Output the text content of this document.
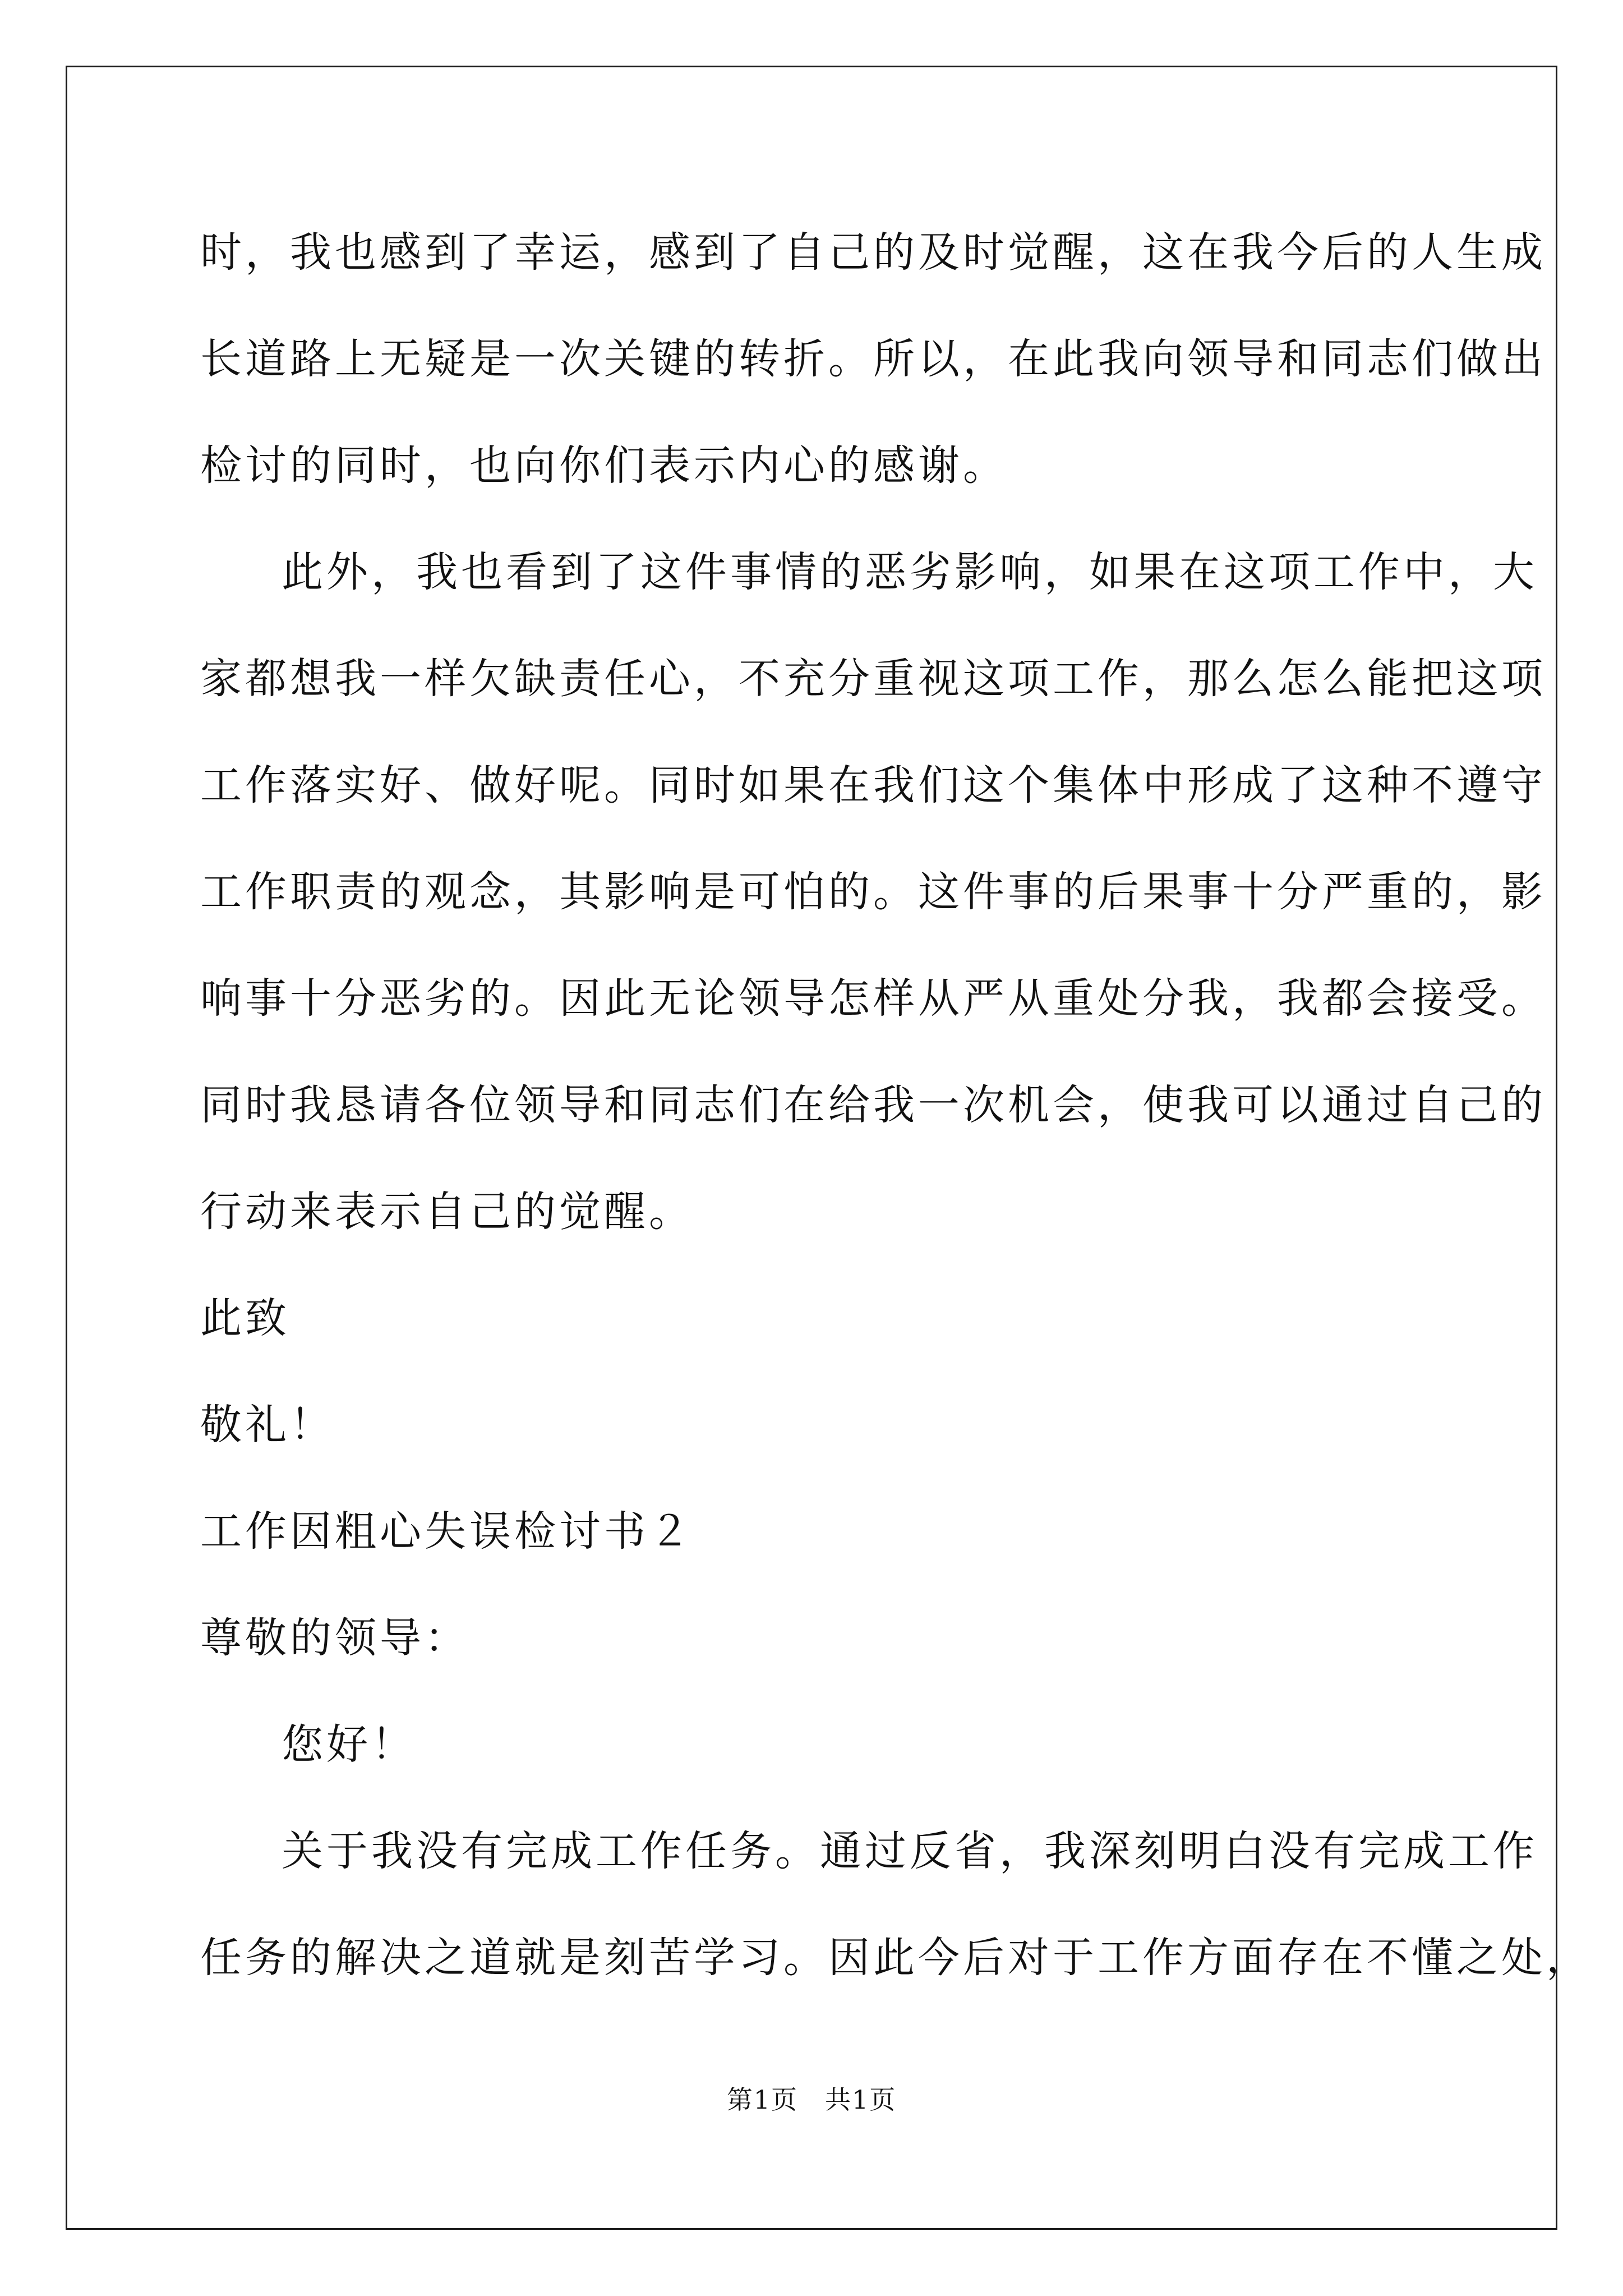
时，我也感到了幸运，感到了自己的及时觉醒，这在我今后的人生成
长道路上无疑是一次关键的转折。所以，在此我向领导和同志们做出
检讨的同时，也向你们表示内心的感谢。
此外，我也看到了这件事情的恶劣影响，如果在这项工作中，大
家都想我一样欠缺责任心，不充分重视这项工作，那么怎么能把这项
工作落实好、做好呢。同时如果在我们这个集体中形成了这种不遵守
工作职责的观念，其影响是可怕的。这件事的后果事十分严重的，影
响事十分恶劣的。因此无论领导怎样从严从重处分我，我都会接受。
同时我恳请各位领导和同志们在给我一次机会，使我可以通过自己的
行动来表示自己的觉醒。
此致
敬礼！
工作因粗心失误检讨书２
尊敬的领导：
您好！
关于我没有完成工作任务。通过反省，我深刻明白没有完成工作
任务的解决之道就是刻苦学习。因此今后对于工作方面存在不懂之处，
第1页　共1页
